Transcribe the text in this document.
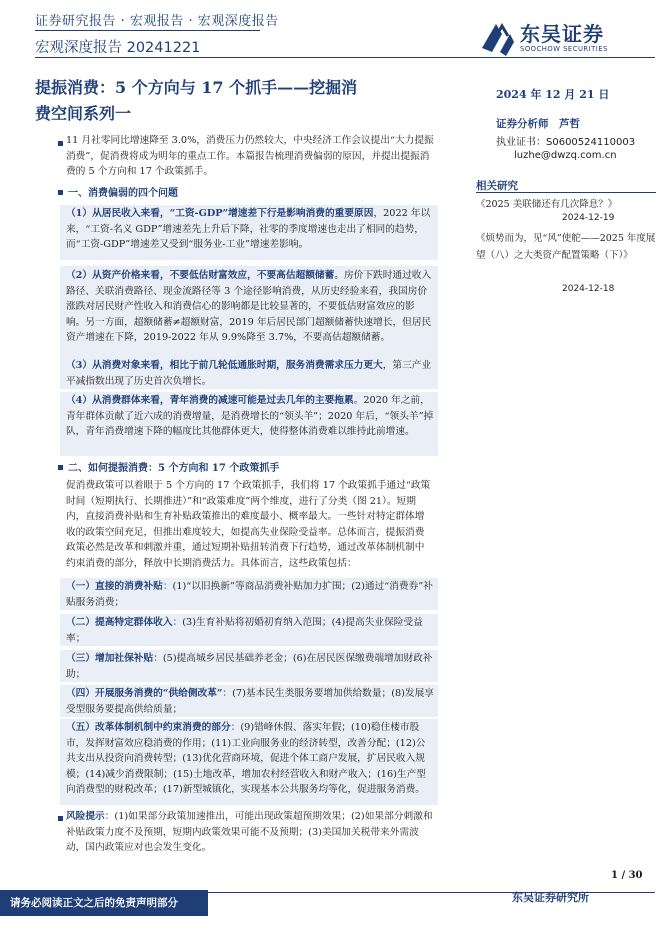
证券研究报告 · 宏观报告 · 宏观深度报告
宏观深度报告 20241221
东吴证券
SOOCHOW SECURITIES
提振消费：5 个方向与 17 个抓手——挖掘消
费空间系列一
2024 年 12 月 21 日
证券分析师　芦哲
执业证书：S0600524110003
luzhe@dwzq.com.cn
相关研究
《2025 美联储还有几次降息？》
2024-12-19
《烦势而为，见“风”使舵——2025 年度展望（八）之大类资产配置策略（下）》
2024-12-18
11 月社零同比增速降至 3.0%，消费压力仍然较大，中央经济工作会议提出“大力提振消费”，促消费将成为明年的重点工作。本篇报告梳理消费偏弱的原因，并提出提振消费的 5 个方向和 17 个政策抓手。
一、消费偏弱的四个问题
（1）从居民收入来看，“工资-GDP”增速差下行是影响消费的重要原因，2022 年以来，“工资-名义 GDP”增速差先上升后下降，社零的季度增速也走出了相同的趋势，而“工资-GDP”增速差又受到“服务业-工业”增速差影响。
（2）从资产价格来看，不要低估财富效应，不要高估超额储蓄。房价下跌时通过收入路径、关联消费路径、现金流路径等 3 个途径影响消费，从历史经验来看，我国房价涨跌对居民财产性收入和消费信心的影响都是比较显著的，不要低估财富效应的影响。另一方面，超额储蓄≠超额财富，2019 年后居民部门超额储蓄快速增长，但居民资产增速在下降，2019-2022 年从 9.9%降至 3.7%，不要高估超额储蓄。
（3）从消费对象来看，相比于前几轮低通胀时期，服务消费需求压力更大，第三产业平减指数出现了历史首次负增长。
（4）从消费群体来看，青年消费的减速可能是过去几年的主要拖累。2020 年之前，青年群体贡献了近六成的消费增量，是消费增长的“领头羊”；2020 年后，“领头羊”掉队，青年消费增速下降的幅度比其他群体更大，使得整体消费难以维持此前增速。
二、如何提振消费：5 个方向和 17 个政策抓手
促消费政策可以着眼于 5 个方向的 17 个政策抓手，我们将 17 个政策抓手通过“政策时间（短期执行、长期推进）”和“政策难度”两个维度，进行了分类（图 21）。短期内，直接消费补贴和生育补贴政策推出的难度最小、概率最大。一些针对特定群体增收的政策空间充足，但推出难度较大，如提高失业保险受益率。总体而言，提振消费政策必然是改革和刺激并重，通过短期补贴扭转消费下行趋势，通过改革体制机制中约束消费的部分，释放中长期消费活力。具体而言，这些政策包括：
（一）直接的消费补贴：(1)“以旧换新”等商品消费补贴加力扩围；(2)通过“消费券”补贴服务消费；
（二）提高特定群体收入：(3)生育补贴将初婚初育纳入范围；(4)提高失业保险受益率；
（三）增加社保补贴：(5)提高城乡居民基础养老金；(6)在居民医保缴费端增加财政补助；
（四）开展服务消费的“供给侧改革”：(7)基本民生类服务要增加供给数量；(8)发展享受型服务要提高供给质量；
（五）改革体制机制中约束消费的部分：(9)错峰休假、落实年假；(10)稳住楼市股市，发挥财富效应稳消费的作用；(11)工业向服务业的经济转型，改善分配；(12)公共支出从投资向消费转型；(13)优化营商环境，促进个体工商户发展，扩居民收入规模；(14)减少消费限制；(15)土地改革，增加农村经营收入和财产收入；(16)生产型向消费型的财税改革；(17)新型城镇化，实现基本公共服务均等化，促进服务消费。
风险提示：(1)如果部分政策加速推出，可能出现政策超预期效果；(2)如果部分刺激和补贴政策力度不及预期，短期内政策效果可能不及预期；(3)美国加关税带来外需波动，国内政策应对也会发生变化。
1 / 30
东吴证券研究所
请务必阅读正文之后的免责声明部分
